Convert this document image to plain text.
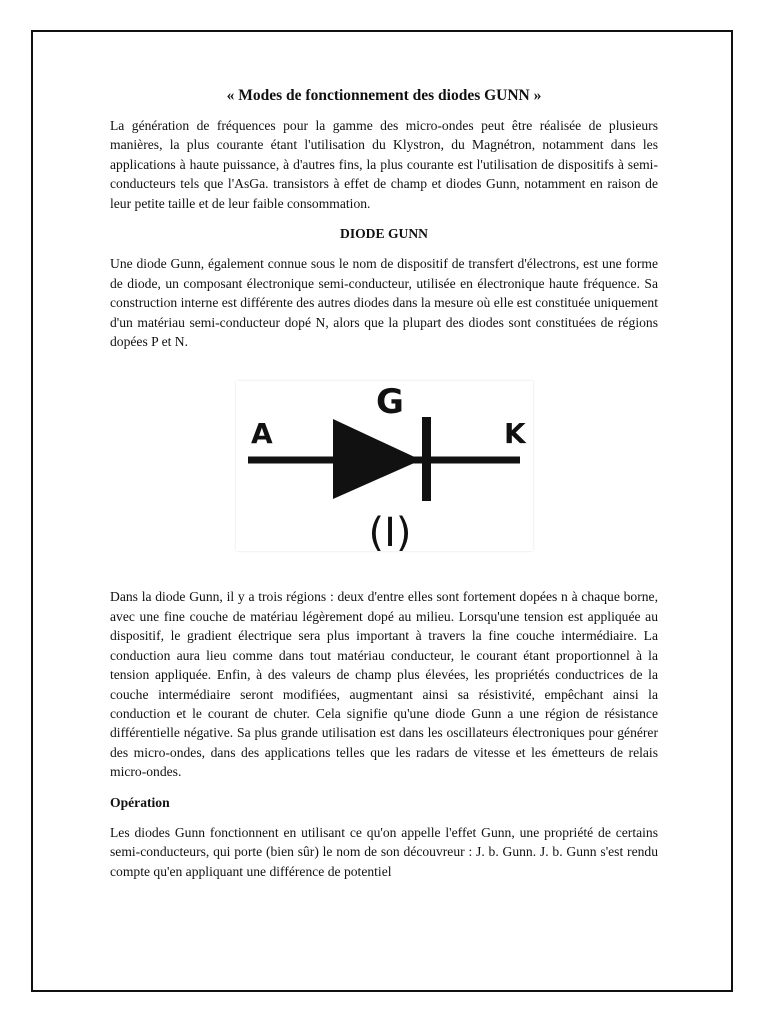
« Modes de fonctionnement des diodes GUNN »

La génération de fréquences pour la gamme des micro-ondes peut être réalisée de plusieurs manières, la plus courante étant l'utilisation du Klystron, du Magnétron, notamment dans les applications à haute puissance, à d'autres fins, la plus courante est l'utilisation de dispositifs à semi-conducteurs tels que l'AsGa. transistors à effet de champ et diodes Gunn, notamment en raison de leur petite taille et de leur faible consommation.

DIODE GUNN

Une diode Gunn, également connue sous le nom de dispositif de transfert d'électrons, est une forme de diode, un composant électronique semi-conducteur, utilisée en électronique haute fréquence. Sa construction interne est différente des autres diodes dans la mesure où elle est constituée uniquement d'un matériau semi-conducteur dopé N, alors que la plupart des diodes sont constituées de régions dopées P et N.

G
A	K
(I)

Dans la diode Gunn, il y a trois régions : deux d'entre elles sont fortement dopées n à chaque borne, avec une fine couche de matériau légèrement dopé au milieu. Lorsqu'une tension est appliquée au dispositif, le gradient électrique sera plus important à travers la fine couche intermédiaire. La conduction aura lieu comme dans tout matériau conducteur, le courant étant proportionnel à la tension appliquée. Enfin, à des valeurs de champ plus élevées, les propriétés conductrices de la couche intermédiaire seront modifiées, augmentant ainsi sa résistivité, empêchant ainsi la conduction et le courant de chuter. Cela signifie qu'une diode Gunn a une région de résistance différentielle négative. Sa plus grande utilisation est dans les oscillateurs électroniques pour générer des micro-ondes, dans des applications telles que les radars de vitesse et les émetteurs de relais micro-ondes.

Opération

Les diodes Gunn fonctionnent en utilisant ce qu'on appelle l'effet Gunn, une propriété de certains semi-conducteurs, qui porte (bien sûr) le nom de son découvreur : J. b. Gunn. J. b. Gunn s'est rendu compte qu'en appliquant une différence de potentiel
